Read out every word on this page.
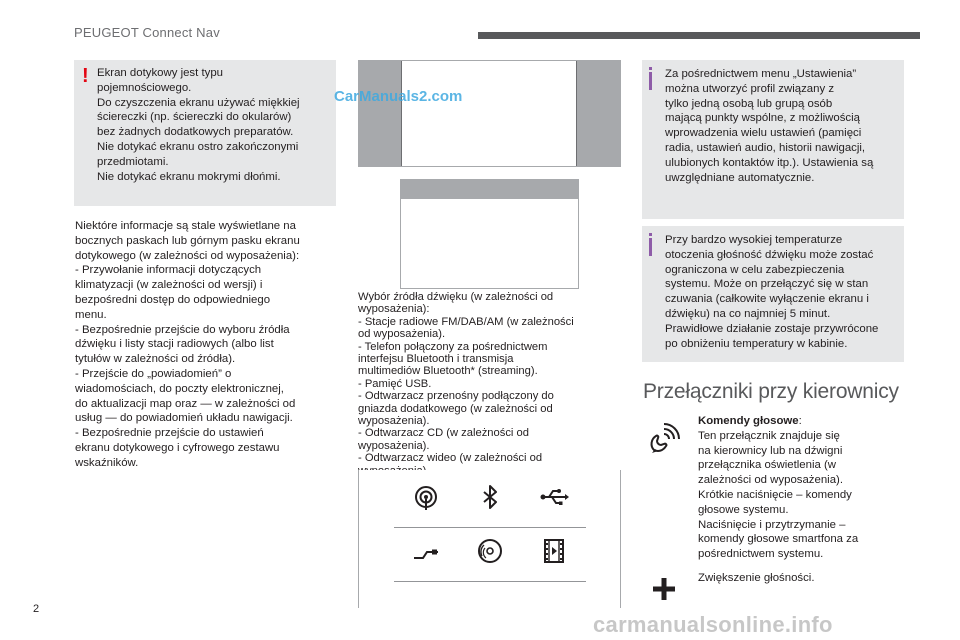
PEUGEOT Connect Nav
! Ekran dotykowy jest typu
pojemnościowego.
Do czyszczenia ekranu używać miękkiej
ściereczki (np. ściereczki do okularów)
bez żadnych dodatkowych preparatów.
Nie dotykać ekranu ostro zakończonymi
przedmiotami.
Nie dotykać ekranu mokrymi dłońmi.
Niektóre informacje są stale wyświetlane na
bocznych paskach lub górnym pasku ekranu
dotykowego (w zależności od wyposażenia):
- Przywołanie informacji dotyczących
klimatyzacji (w zależności od wersji) i
bezpośredni dostęp do odpowiedniego
menu.
- Bezpośrednie przejście do wyboru źródła
dźwięku i listy stacji radiowych (albo list
tytułów w zależności od źródła).
- Przejście do „powiadomień” o
wiadomościach, do poczty elektronicznej,
do aktualizacji map oraz — w zależności od
usług — do powiadomień układu nawigacji.
- Bezpośrednie przejście do ustawień
ekranu dotykowego i cyfrowego zestawu
wskaźników.
Wybór źródła dźwięku (w zależności od
wyposażenia):
- Stacje radiowe FM/DAB/AM (w zależności
od wyposażenia).
- Telefon połączony za pośrednictwem
interfejsu Bluetooth i transmisja
multimediów Bluetooth* (streaming).
- Pamięć USB.
- Odtwarzacz przenośny podłączony do
gniazda dodatkowego (w zależności od
wyposażenia).
- Odtwarzacz CD (w zależności od
wyposażenia).
- Odtwarzacz wideo (w zależności od

Za pośrednictwem menu „Ustawienia”
można utworzyć profil związany z
tylko jedną osobą lub grupą osób
mającą punkty wspólne, z możliwością
wprowadzenia wielu ustawień (pamięci
radia, ustawień audio, historii nawigacji,
ulubionych kontaktów itp.). Ustawienia są
uwzględniane automatycznie.
Przy bardzo wysokiej temperaturze
otoczenia głośność dźwięku może zostać
ograniczona w celu zabezpieczenia
systemu. Może on przełączyć się w stan
czuwania (całkowite wyłączenie ekranu i
dźwięku) na co najmniej 5 minut.
Prawidłowe działanie zostaje przywrócone
po obniżeniu temperatury w kabinie.
Przełączniki przy kierownicy
Komendy głosowe:
Ten przełącznik znajduje się
na kierownicy lub na dźwigni
przełącznika oświetlenia (w
zależności od wyposażenia).
Krótkie naciśnięcie – komendy
głosowe systemu.
Naciśnięcie i przytrzymanie –
komendy głosowe smartfona za
pośrednictwem systemu.
Zwiększenie głośności.
2
CarManuals2.com
carmanualsonline.info
